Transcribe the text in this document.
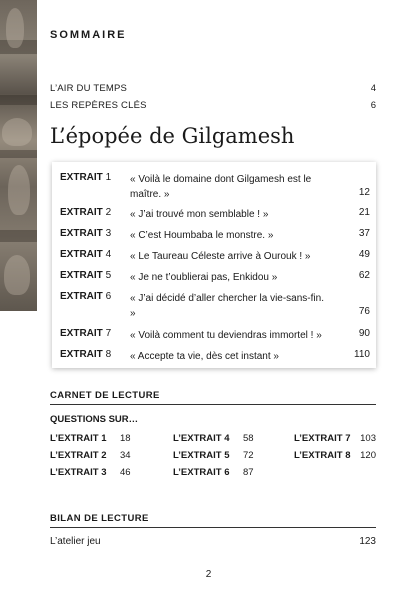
SOMMAIRE
L’AIR DU TEMPS	4
LES REPÈRES CLÉS	6
L’épopée de Gilgamesh
EXTRAIT 1 « Voilà le domaine dont Gilgamesh est le maître. »	12
EXTRAIT 2 « J’ai trouvé mon semblable ! »	21
EXTRAIT 3 « C’est Houmbaba le monstre. »	37
EXTRAIT 4 « Le Taureau Céleste arrive à Ourouk ! »	49
EXTRAIT 5 « Je ne t’oublierai pas, Enkidou »	62
EXTRAIT 6 « J’ai décidé d’aller chercher la vie-sans-fin. »	76
EXTRAIT 7 « Voilà comment tu deviendras immortel ! »	90
EXTRAIT 8 « Accepte ta vie, dès cet instant »	110
CARNET DE LECTURE
QUESTIONS SUR…
L’EXTRAIT 1 18
L’EXTRAIT 2 34
L’EXTRAIT 3 46
L’EXTRAIT 4 58
L’EXTRAIT 5 72
L’EXTRAIT 6 87
L’EXTRAIT 7 103
L’EXTRAIT 8 120
BILAN DE LECTURE
L’atelier jeu	123
2
